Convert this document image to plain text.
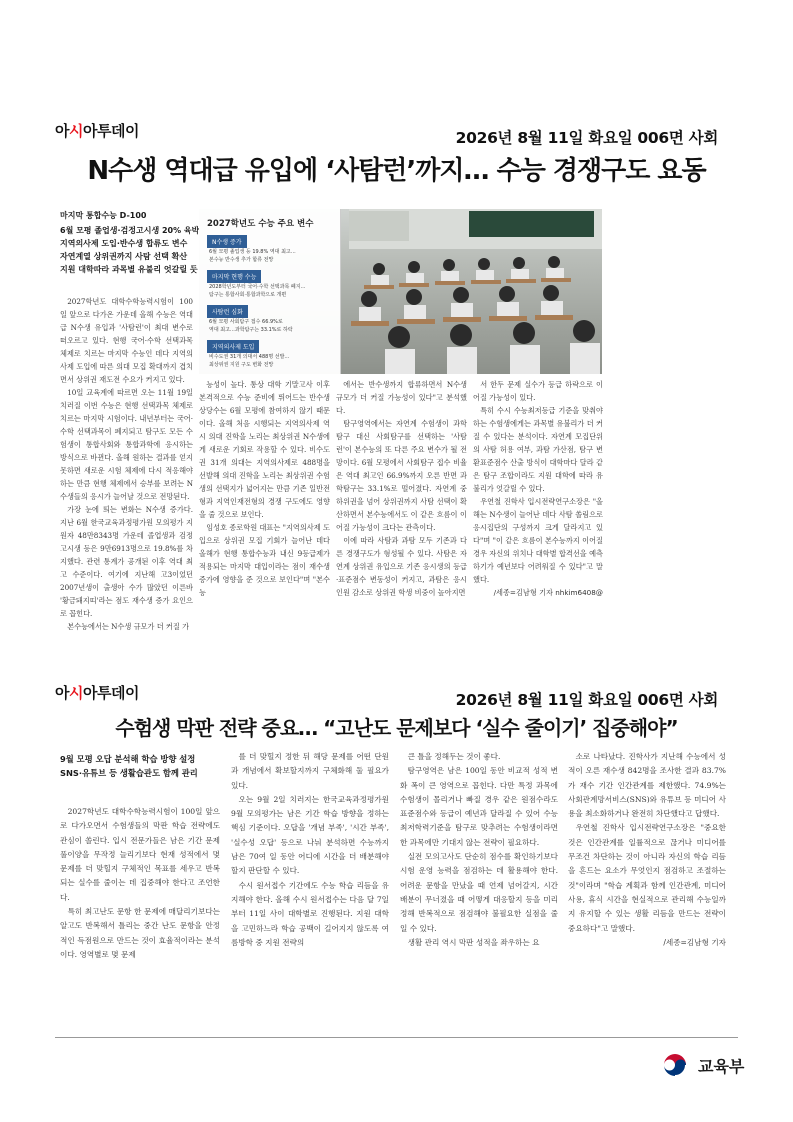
아시아투데이	2026년 8월 11일 화요일 006면 사회
N수생 역대급 유입에 ‘사탐런’까지… 수능 경쟁구도 요동
마지막 통합수능 D-100
6월 모평 졸업생·검정고시생 20% 육박
지역의사제 도입·반수생 합류도 변수
자연계열 상위권까지 사탐 선택 확산
지원 대학따라 과목별 유불리 엇갈릴 듯
2027학년도 수능 주요 변수
N수생 증가
6월 모평 졸업생 등 19.8% 역대 최고…
본수능 반수생 추가 합류 전망
마지막 현행 수능
2028학년도부터 국어·수학 선택과목 폐지…
탐구는 통합사회·통합과학으로 개편
사탐런 심화
6월 모평 사회탐구 접수 66.9%로
역대 최고…과학탐구는 33.1%로 하락
지역의사제 도입
비수도권 31개 의대서 488명 선발…
최상위권 지원 구도 변화 전망

2027학년도 대학수학능력시험이 100일 앞으로 다가온 가운데 올해 수능은 역대급 N수생 유입과 '사탐런'이 최대 변수로 떠오르고 있다. 현행 국어·수학 선택과목 체제로 치르는 마지막 수능인 데다 지역의사제 도입에 따른 의대 모집 확대까지 겹치면서 상위권 재도전 수요가 커지고 있다.

10일 교육계에 따르면 오는 11월 19일 치러질 이번 수능은 현행 선택과목 체제로 치르는 마지막 시험이다. 내년부터는 국어·수학 선택과목이 폐지되고 탐구도 모든 수험생이 통합사회와 통합과학에 응시하는 방식으로 바뀐다. 올해 원하는 결과를 얻지 못하면 새로운 시험 체제에 다시 적응해야 하는 만큼 현행 체제에서 승부를 보려는 N수생들의 응시가 늘어날 것으로 전망된다.

가장 눈에 띄는 변화는 N수생 증가다. 지난 6월 한국교육과정평가원 모의평가 지원자 48만8343명 가운데 졸업생과 검정고시생 등은 9만6913명으로 19.8%를 차지했다. 관련 통계가 공개된 이후 역대 최고 수준이다. 여기에 지난해 고3이었던 2007년생이 출생아 수가 많았던 이른바 '황금돼지띠'라는 점도 재수생 증가 요인으로 꼽힌다.

본수능에서는 N수생 규모가 더 커질 가

능성이 높다. 통상 대학 기말고사 이후 본격적으로 수능 준비에 뛰어드는 반수생 상당수는 6월 모평에 참여하지 않기 때문이다. 올해 처음 시행되는 지역의사제 역시 의대 진학을 노리는 최상위권 N수생에게 새로운 기회로 작용할 수 있다. 비수도권 31개 의대는 지역의사제로 488명을 선발해 의대 진학을 노리는 최상위권 수험생의 선택지가 넓어지는 만큼 기존 일반전형과 지역인재전형의 경쟁 구도에도 영향을 줄 것으로 보인다.

임성호 종로학원 대표는 "지역의사제 도입으로 상위권 모집 기회가 늘어난 데다 올해가 현행 통합수능과 내신 9등급제가 적용되는 마지막 대입이라는 점이 재수생 증가에 영향을 준 것으로 보인다"며 "본수능

에서는 반수생까지 합류하면서 N수생 규모가 더 커질 가능성이 있다"고 분석했다.

탐구영역에서는 자연계 수험생이 과학탐구 대신 사회탐구를 선택하는 '사탐런'이 본수능의 또 다른 주요 변수가 될 전망이다. 6월 모평에서 사회탐구 접수 비율은 역대 최고인 66.9%까지 오른 반면 과학탐구는 33.1%로 떨어졌다. 자연계 중하위권을 넘어 상위권까지 사탐 선택이 확산하면서 본수능에서도 이 같은 흐름이 이어질 가능성이 크다는 관측이다.

이에 따라 사탐과 과탐 모두 기존과 다른 경쟁구도가 형성될 수 있다. 사탐은 자연계 상위권 유입으로 기존 응시생의 등급·표준점수 변동성이 커지고, 과탐은 응시인원 감소로 상위권 학생 비중이 높아지면

서 한두 문제 실수가 등급 하락으로 이어질 가능성이 있다.

특히 수시 수능최저등급 기준을 맞춰야 하는 수험생에게는 과목별 유불리가 더 커질 수 있다는 분석이다. 자연계 모집단위의 사탐 허용 여부, 과탐 가산점, 탐구 변환표준점수 산출 방식이 대학마다 달라 같은 탐구 조합이라도 지원 대학에 따라 유불리가 엇갈릴 수 있다.

우연철 진학사 입시전략연구소장은 "올해는 N수생이 늘어난 데다 사탐 쏠림으로 응시집단의 구성까지 크게 달라지고 있다"며 "이 같은 흐름이 본수능까지 이어질 경우 자신의 위치나 대학별 합격선을 예측하기가 예년보다 어려워질 수 있다"고 말했다.

/세종=김남형 기자 nhkim6408@

아시아투데이	2026년 8월 11일 화요일 006면 사회
수험생 막판 전략 중요… “고난도 문제보다 ‘실수 줄이기’ 집중해야”
9월 모평 오답 분석해 학습 방향 설정
SNS·유튜브 등 생활습관도 함께 관리

2027학년도 대학수학능력시험이 100일 앞으로 다가오면서 수험생들의 막판 학습 전략에도 관심이 쏠린다. 입시 전문가들은 남은 기간 문제풀이양을 무작정 늘리기보다 현재 성적에서 몇 문제를 더 맞힐지 구체적인 목표를 세우고 반복되는 실수를 줄이는 데 집중해야 한다고 조언한다.

특히 최고난도 문항 한 문제에 매달리기보다는 알고도 반복해서 틀리는 중간 난도 문항을 안정적인 득점원으로 만드는 것이 효율적이라는 분석이다. 영역별로 몇 문제

를 더 맞힐지 정한 뒤 해당 문제를 어떤 단원과 개념에서 확보할지까지 구체화해 둘 필요가 있다.

오는 9월 2일 치러지는 한국교육과정평가원 9월 모의평가는 남은 기간 학습 방향을 정하는 핵심 기준이다. 오답을 '개념 부족', '시간 부족', '실수성 오답' 등으로 나눠 분석하면 수능까지 남은 70여 일 동안 어디에 시간을 더 배분해야 할지 판단할 수 있다.

수시 원서접수 기간에도 수능 학습 리듬을 유지해야 한다. 올해 수시 원서접수는 다음 달 7일부터 11일 사이 대학별로 진행된다. 지원 대학을 고민하느라 학습 공백이 길어지지 않도록 여름방학 중 지원 전략의

큰 틀을 정해두는 것이 좋다.

탐구영역은 남은 100일 동안 비교적 성적 변화 폭이 큰 영역으로 꼽힌다. 다만 특정 과목에 수험생이 몰리거나 빠질 경우 같은 원점수라도 표준점수와 등급이 예년과 달라질 수 있어 수능 최저학력기준을 탐구로 맞추려는 수험생이라면 한 과목에만 기대지 않는 전략이 필요하다.

실전 모의고사도 단순히 점수를 확인하기보다 시험 운영 능력을 점검하는 데 활용해야 한다. 어려운 문항을 만났을 때 언제 넘어갈지, 시간 배분이 무너졌을 때 어떻게 대응할지 등을 미리 정해 반복적으로 점검해야 불필요한 실점을 줄일 수 있다.

생활 관리 역시 막판 성적을 좌우하는 요

소로 나타났다. 진학사가 지난해 수능에서 성적이 오른 재수생 842명을 조사한 결과 83.7%가 재수 기간 인간관계를 제한했다. 74.9%는 사회관계망서비스(SNS)와 유튜브 등 미디어 사용을 최소화하거나 완전히 차단했다고 답했다.

우연철 진학사 입시전략연구소장은 "중요한 것은 인간관계를 일률적으로 끊거나 미디어를 무조건 차단하는 것이 아니라 자신의 학습 리듬을 흔드는 요소가 무엇인지 점검하고 조절하는 것"이라며 "학습 계획과 함께 인간관계, 미디어 사용, 휴식 시간을 현실적으로 관리해 수능일까지 유지할 수 있는 생활 리듬을 만드는 전략이 중요하다"고 말했다.

/세종=김남형 기자

교육부
